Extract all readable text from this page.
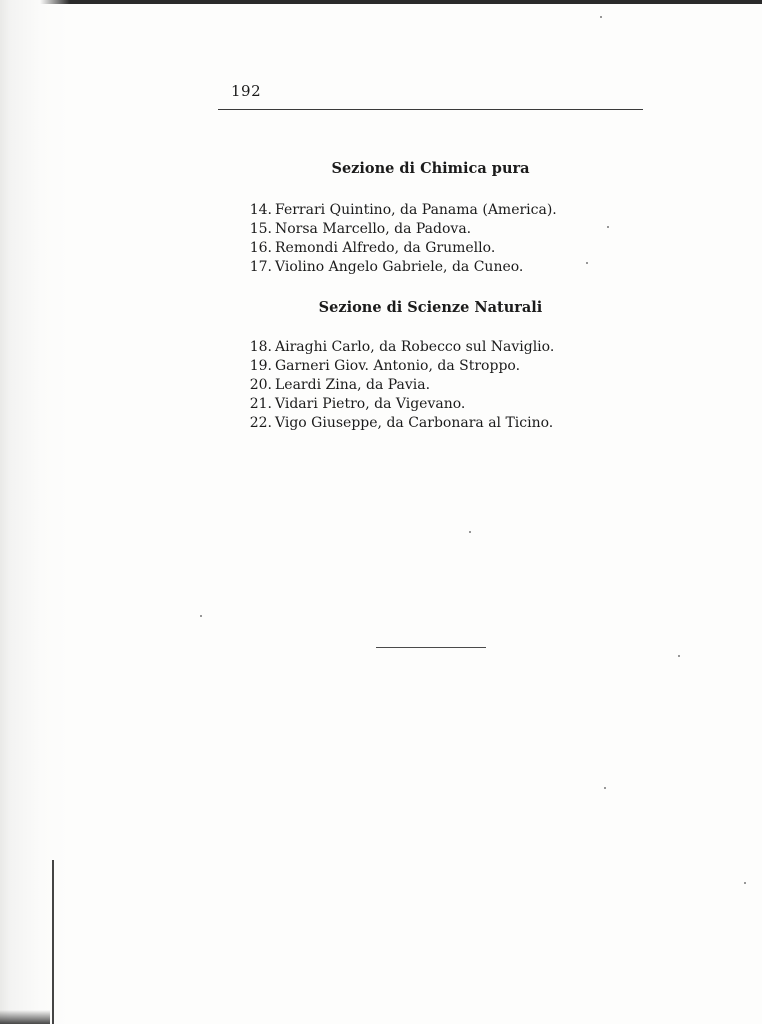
192
Sezione di Chimica pura
14. Ferrari Quintino, da Panama (America).
15. Norsa Marcello, da Padova.
16. Remondi Alfredo, da Grumello.
17. Violino Angelo Gabriele, da Cuneo.
Sezione di Scienze Naturali
18. Airaghi Carlo, da Robecco sul Naviglio.
19. Garneri Giov. Antonio, da Stroppo.
20. Leardi Zina, da Pavia.
21. Vidari Pietro, da Vigevano.
22. Vigo Giuseppe, da Carbonara al Ticino.
